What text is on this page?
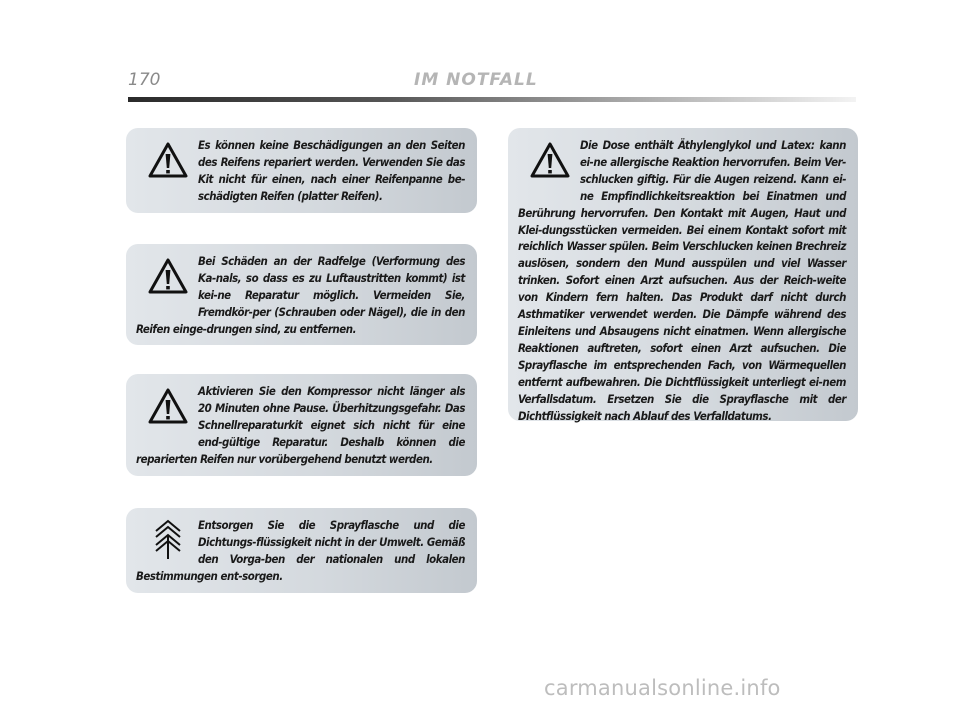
170	IM NOTFALL

Es können keine Beschädigungen an den Seiten des Reifens repariert werden. Verwenden Sie das Kit nicht für einen, nach einer Reifenpanne be-schädigten Reifen (platter Reifen).

Bei Schäden an der Radfelge (Verformung des Ka-nals, so dass es zu Luftaustritten kommt) ist kei-ne Reparatur möglich. Vermeiden Sie, Fremdkör-per (Schrauben oder Nägel), die in den Reifen einge-drungen sind, zu entfernen.

Aktivieren Sie den Kompressor nicht länger als 20 Minuten ohne Pause. Überhitzungsgefahr. Das Schnellreparaturkit eignet sich nicht für eine end-gültige Reparatur. Deshalb können die reparierten Reifen nur vorübergehend benutzt werden.

Entsorgen Sie die Sprayflasche und die Dichtungs-flüssigkeit nicht in der Umwelt. Gemäß den Vorga-ben der nationalen und lokalen Bestimmungen ent-sorgen.

Die Dose enthält Äthylenglykol und Latex: kann ei-ne allergische Reaktion hervorrufen. Beim Ver-schlucken giftig. Für die Augen reizend. Kann ei-ne Empfindlichkeitsreaktion bei Einatmen und Berührung hervorrufen. Den Kontakt mit Augen, Haut und Klei-dungsstücken vermeiden. Bei einem Kontakt sofort mit reichlich Wasser spülen. Beim Verschlucken keinen Brechreiz auslösen, sondern den Mund ausspülen und viel Wasser trinken. Sofort einen Arzt aufsuchen. Aus der Reich-weite von Kindern fern halten. Das Produkt darf nicht durch Asthmatiker verwendet werden. Die Dämpfe während des Einleitens und Absaugens nicht einatmen. Wenn allergische Reaktionen auftreten, sofort einen Arzt aufsuchen. Die Sprayflasche im entsprechenden Fach, von Wärmequellen entfernt aufbewahren. Die Dichtflüssigkeit unterliegt ei-nem Verfallsdatum. Ersetzen Sie die Sprayflasche mit der Dichtflüssigkeit nach Ablauf des Verfalldatums.

carmanualsonline.info
